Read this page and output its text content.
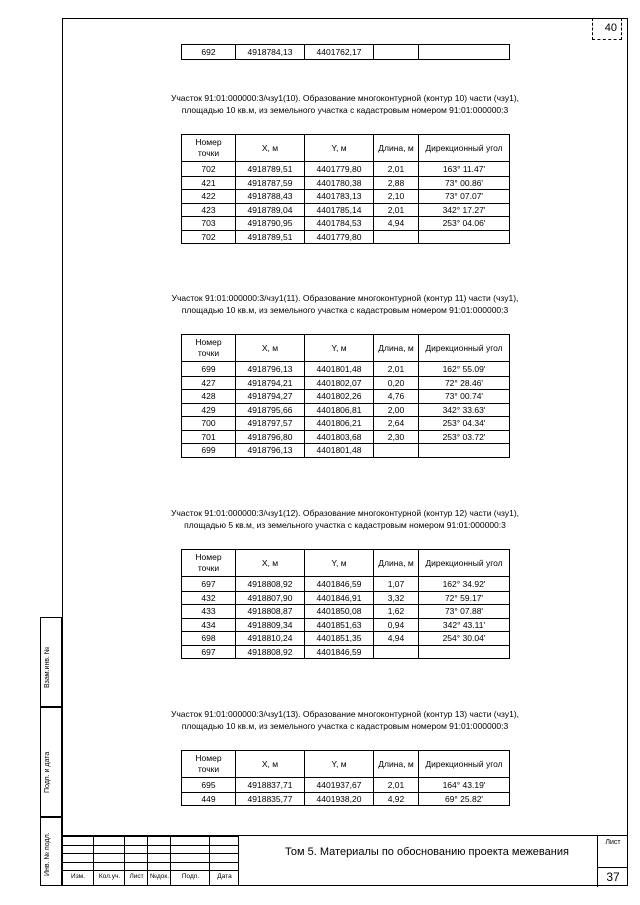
40
Взам.инв. №
Подп. и дата
Инв. № подл.
692	4918784,13	4401762,17		
Участок 91:01:000000:3/чзу1(10). Образование многоконтурной (контур 10) части (чзу1), площадью 10 кв.м, из земельного участка с кадастровым номером 91:01:000000:3
Номер точки	X, м	Y, м	Длина, м	Дирекционный угол
702	4918789,51	4401779,80	2,01	163° 11.47'
421	4918787,59	4401780,38	2,88	73° 00.86'
422	4918788,43	4401783,13	2,10	73° 07.07'
423	4918789,04	4401785,14	2,01	342° 17.27'
703	4918790,95	4401784,53	4,94	253° 04.06'
702	4918789,51	4401779,80		
Участок 91:01:000000:3/чзу1(11). Образование многоконтурной (контур 11) части (чзу1), площадью 10 кв.м, из земельного участка с кадастровым номером 91:01:000000:3
Номер точки	X, м	Y, м	Длина, м	Дирекционный угол
699	4918796,13	4401801,48	2,01	162° 55.09'
427	4918794,21	4401802,07	0,20	72° 28.46'
428	4918794,27	4401802,26	4,76	73° 00.74'
429	4918795,66	4401806,81	2,00	342° 33.63'
700	4918797,57	4401806,21	2,64	253° 04.34'
701	4918796,80	4401803,68	2,30	253° 03.72'
699	4918796,13	4401801,48		
Участок 91:01:000000:3/чзу1(12). Образование многоконтурной (контур 12) части (чзу1), площадью 5 кв.м, из земельного участка с кадастровым номером 91:01:000000:3
Номер точки	X, м	Y, м	Длина, м	Дирекционный угол
697	4918808,92	4401846,59	1,07	162° 34.92'
432	4918807,90	4401846,91	3,32	72° 59.17'
433	4918808,87	4401850,08	1,62	73° 07.88'
434	4918809,34	4401851,63	0,94	342° 43.11'
698	4918810,24	4401851,35	4,94	254° 30.04'
697	4918808,92	4401846,59		
Участок 91:01:000000:3/чзу1(13). Образование многоконтурной (контур 13) части (чзу1), площадью 10 кв.м, из земельного участка с кадастровым номером 91:01:000000:3
Номер точки	X, м	Y, м	Длина, м	Дирекционный угол
695	4918837,71	4401937,67	2,01	164° 43.19'
449	4918835,77	4401938,20	4,92	69° 25.82'

Изм.	Кол.уч.	Лист №док.	Подп.	Дата
Том 5. Материалы по обоснованию проекта межевания
Лист
37
